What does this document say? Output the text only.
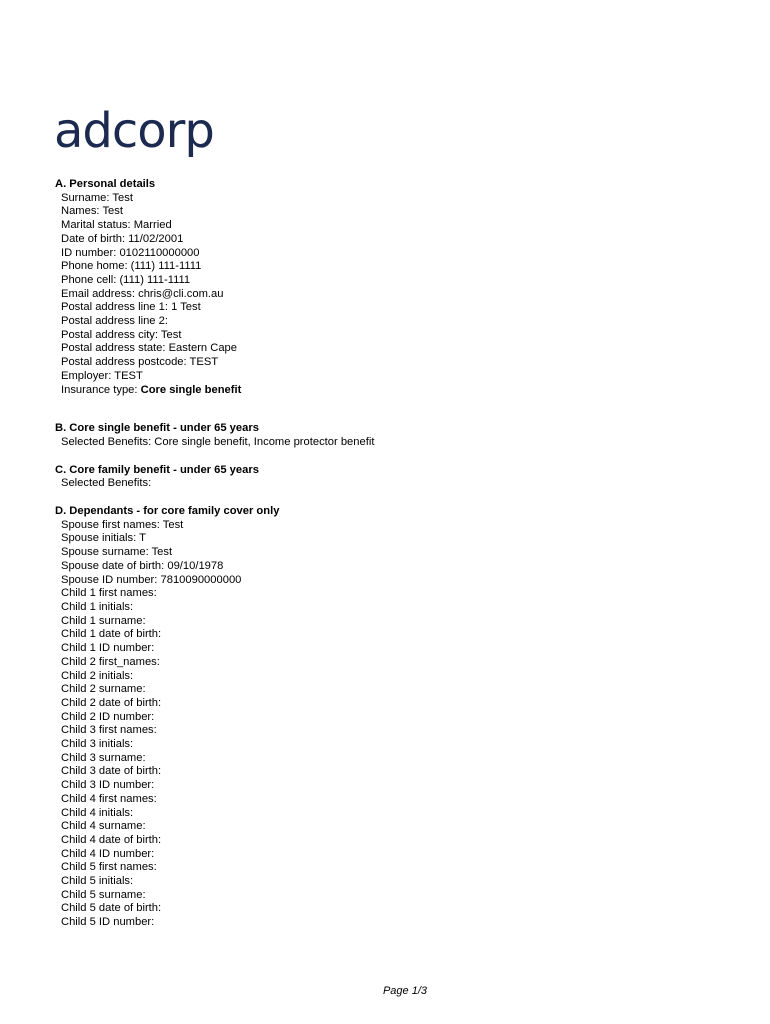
adcorp
A. Personal details
Surname: Test
Names: Test
Marital status: Married
Date of birth: 11/02/2001
ID number: 0102110000000
Phone home: (111) 111-1111
Phone cell: (111) 111-1111
Email address: chris@cli.com.au
Postal address line 1: 1 Test
Postal address line 2:
Postal address city: Test
Postal address state: Eastern Cape
Postal address postcode: TEST
Employer: TEST
Insurance type: Core single benefit
B. Core single benefit - under 65 years
Selected Benefits: Core single benefit, Income protector benefit
C. Core family benefit - under 65 years
Selected Benefits:
D. Dependants - for core family cover only
Spouse first names: Test
Spouse initials: T
Spouse surname: Test
Spouse date of birth: 09/10/1978
Spouse ID number: 7810090000000
Child 1 first names:
Child 1 initials:
Child 1 surname:
Child 1 date of birth:
Child 1 ID number:
Child 2 first_names:
Child 2 initials:
Child 2 surname:
Child 2 date of birth:
Child 2 ID number:
Child 3 first names:
Child 3 initials:
Child 3 surname:
Child 3 date of birth:
Child 3 ID number:
Child 4 first names:
Child 4 initials:
Child 4 surname:
Child 4 date of birth:
Child 4 ID number:
Child 5 first names:
Child 5 initials:
Child 5 surname:
Child 5 date of birth:
Child 5 ID number:
Page 1/3
